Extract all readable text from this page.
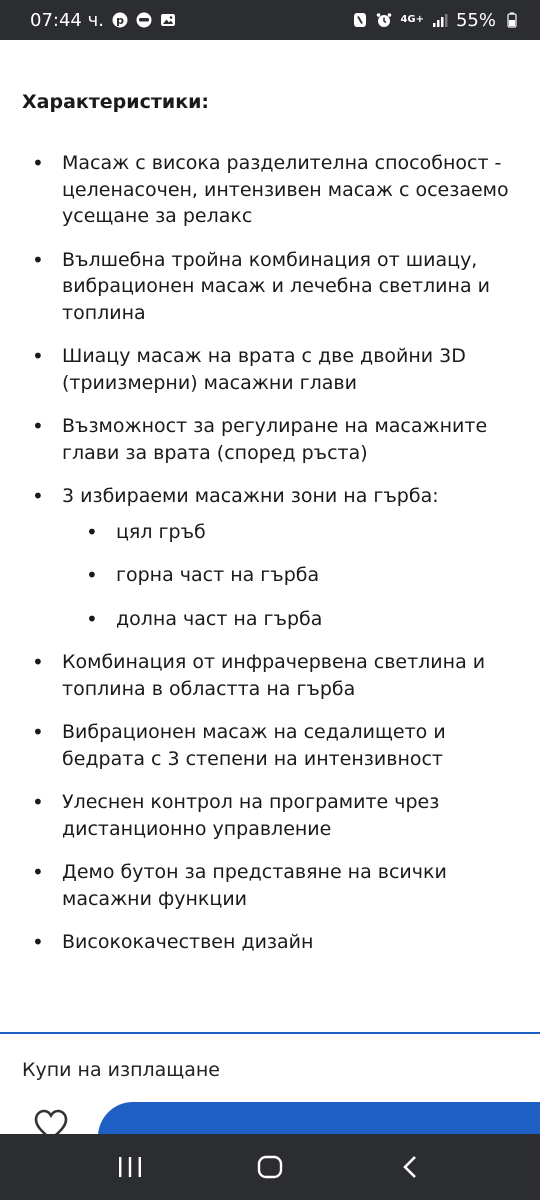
07:44 ч. p	4G+ 55%
Характеристики:
• Масаж с висока разделителна способност - целенасочен, интензивен масаж с осезаемо усещане за релакс
• Вълшебна тройна комбинация от шиацу, вибрационен масаж и лечебна светлина и топлина
• Шиацу масаж на врата с две двойни 3D (триизмерни) масажни глави
• Възможност за регулиране на масажните глави за врата (според ръста)
• 3 избираеми масажни зони на гърба:
• цял гръб
• горна част на гърба
• долна част на гърба
• Комбинация от инфрачервена светлина и топлина в областта на гърба
• Вибрационен масаж на седалището и бедрата с 3 степени на интензивност
• Улеснен контрол на програмите чрез дистанционно управление
• Демо бутон за представяне на всички масажни функции
• Висококачествен дизайн
Купи на изплащане
